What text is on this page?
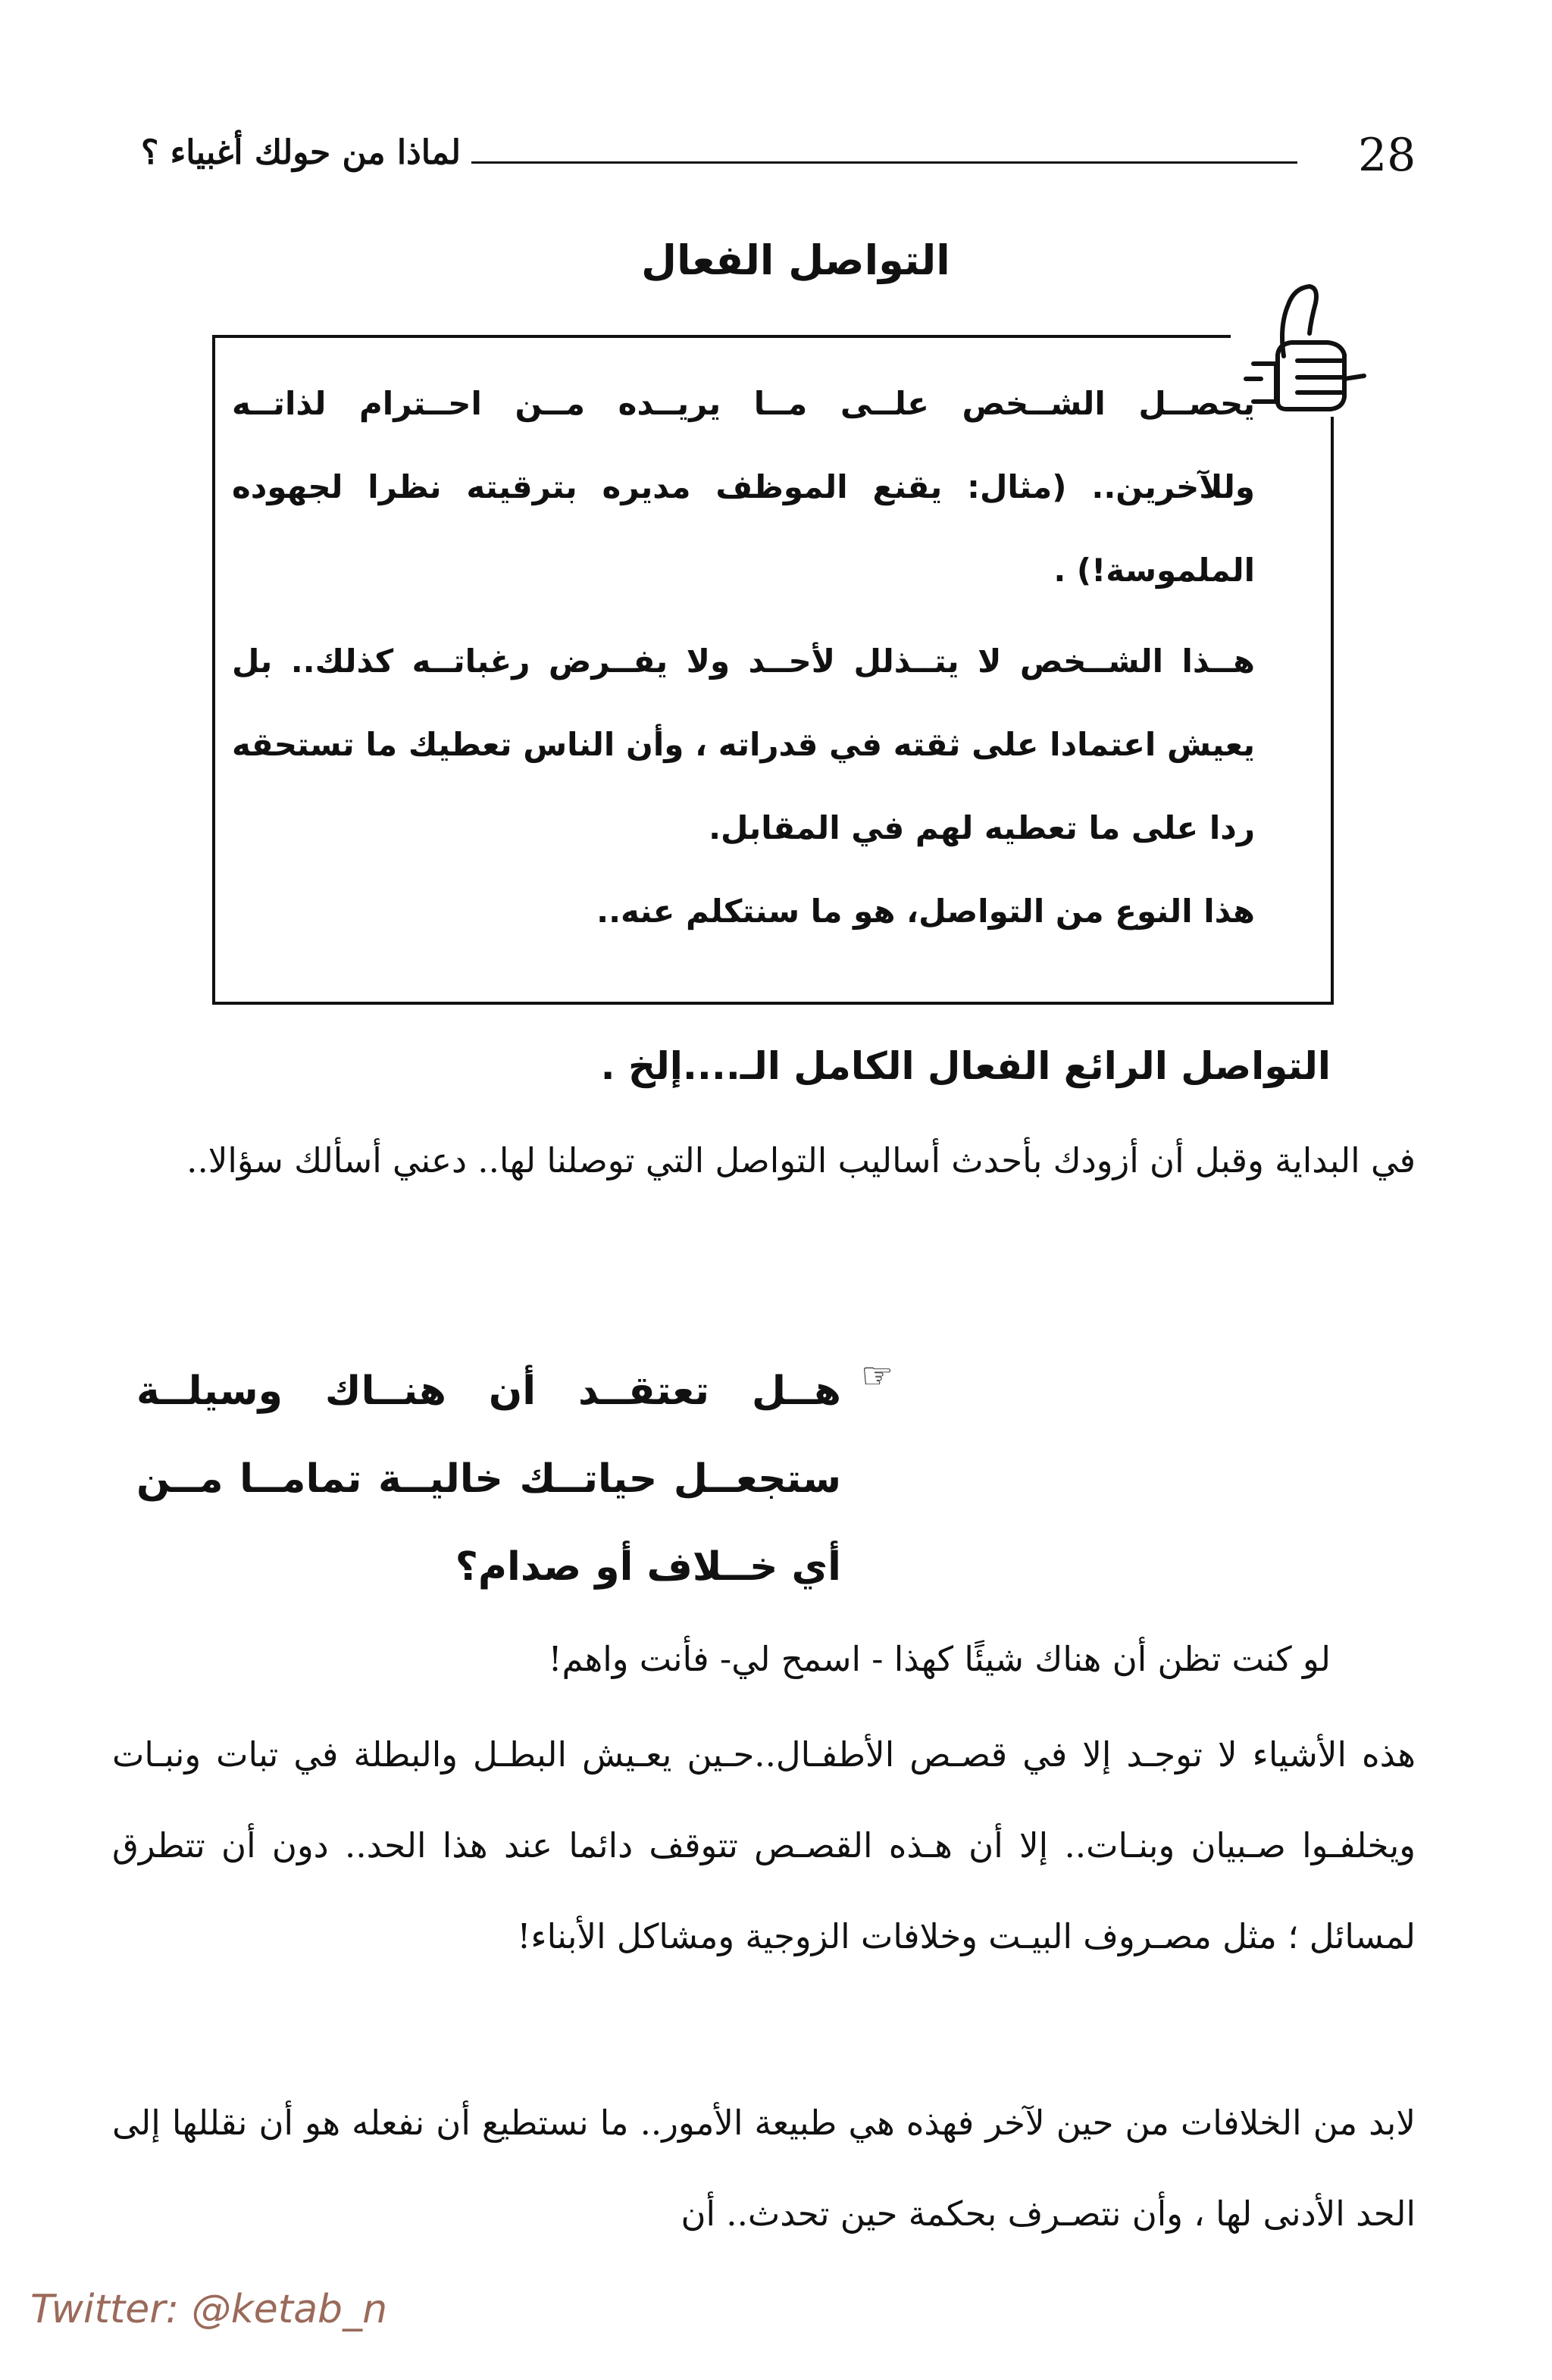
28
لماذا من حولك أغبياء ؟
التواصل الفعال

يحصــل الشــخص علــى مــا يريــده مــن احــترام لذاتــه وللآخرين.. (مثال: يقنع الموظف مديره بترقيته نظرا لجهوده الملموسة!) .

هــذا الشــخص لا يتــذلل لأحــد ولا يفــرض رغباتــه كذلك.. بل يعيش اعتمادا على ثقته في قدراته ، وأن الناس تعطيك ما تستحقه ردا على ما تعطيه لهم في المقابل.

هذا النوع من التواصل، هو ما سنتكلم عنه..

التواصل الرائع الفعال الكامل الـ....إلخ .

في البداية وقبل أن أزودك بأحدث أساليب التواصل التي توصلنا لها.. دعني أسألك سؤالا..

☞

هــل تعتقــد أن هنــاك وسيلــة ستجعــل حياتــك خاليــة تمامــا مــن أي خــلاف أو صدام؟

لو كنت تظن أن هناك شيئًا كهذا - اسمح لي- فأنت واهم!

هذه الأشياء لا توجـد إلا في قصـص الأطفـال..حـين يعـيش البطـل والبطلة في تبات ونبـات ويخلفـوا صـبيان وبنـات.. إلا أن هـذه القصـص تتوقف دائما عند هذا الحد.. دون أن تتطرق لمسائل ؛ مثل مصـروف البيـت وخلافات الزوجية ومشاكل الأبناء!

لابد من الخلافات من حين لآخر فهذه هي طبيعة الأمور.. ما نستطيع أن نفعله هو أن نقللها إلى الحد الأدنى لها ، وأن نتصـرف بحكمة حين تحدث.. أن

Twitter: @ketab_n
